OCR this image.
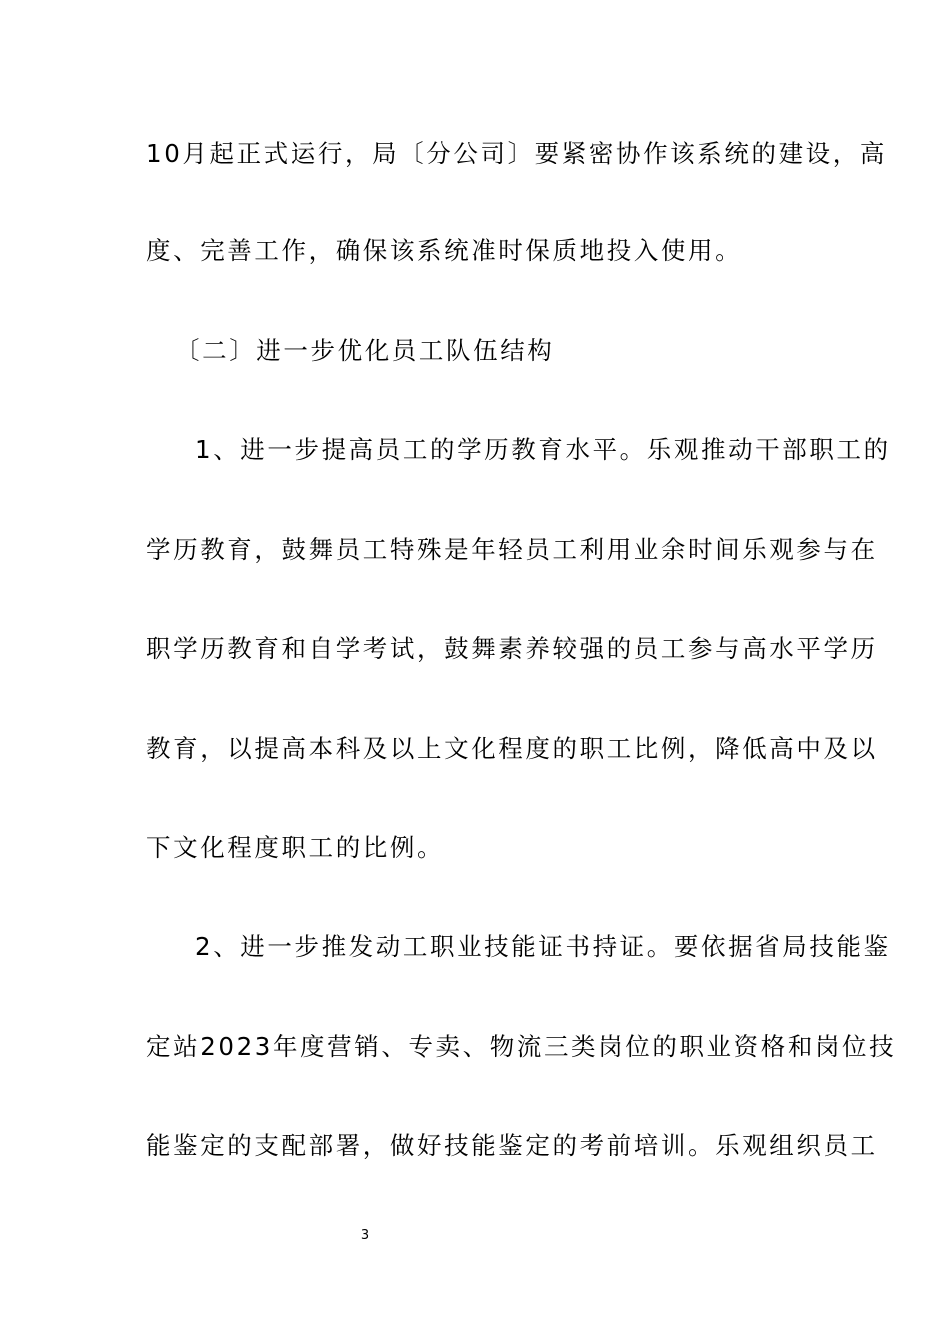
10月起正式运行，局〔分公司〕要紧密协作该系统的建设，高
度、完善工作，确保该系统准时保质地投入使用。
〔二〕进一步优化员工队伍结构
1、进一步提高员工的学历教育水平。乐观推动干部职工的
学历教育，鼓舞员工特殊是年轻员工利用业余时间乐观参与在
职学历教育和自学考试，鼓舞素养较强的员工参与高水平学历
教育，以提高本科及以上文化程度的职工比例，降低高中及以
下文化程度职工的比例。
2、进一步推发动工职业技能证书持证。要依据省局技能鉴
定站2023年度营销、专卖、物流三类岗位的职业资格和岗位技
能鉴定的支配部署，做好技能鉴定的考前培训。乐观组织员工
3
